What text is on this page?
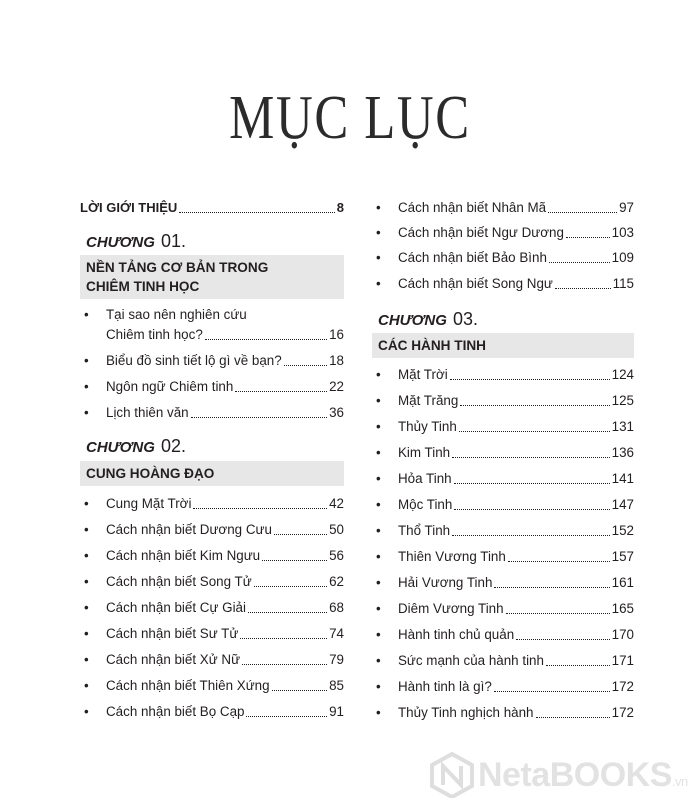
MỤC LỤC
LỜI GIỚI THIỆU	8
CHƯƠNG 01.
NỀN TẢNG CƠ BẢN TRONG
CHIÊM TINH HỌC
• Tại sao nên nghiên cứu
Chiêm tinh học?	16
• Biểu đồ sinh tiết lộ gì về bạn?	18
• Ngôn ngữ Chiêm tinh	22
• Lịch thiên văn	36
CHƯƠNG 02.
CUNG HOÀNG ĐẠO
• Cung Mặt Trời	42
• Cách nhận biết Dương Cưu	50
• Cách nhận biết Kim Ngưu	56
• Cách nhận biết Song Tử	62
• Cách nhận biết Cự Giải	68
• Cách nhận biết Sư Tử	74
• Cách nhận biết Xử Nữ	79
• Cách nhận biết Thiên Xứng	85
• Cách nhận biết Bọ Cạp	91
• Cách nhận biết Nhân Mã	97
• Cách nhận biết Ngư Dương	103
• Cách nhận biết Bảo Bình	109
• Cách nhận biết Song Ngư	115
CHƯƠNG 03.
CÁC HÀNH TINH
• Mặt Trời	124
• Mặt Trăng	125
• Thủy Tinh	131
• Kim Tinh	136
• Hỏa Tinh	141
• Mộc Tinh	147
• Thổ Tinh	152
• Thiên Vương Tinh	157
• Hải Vương Tinh	161
• Diêm Vương Tinh	165
• Hành tinh chủ quản	170
• Sức mạnh của hành tinh	171
• Hành tinh là gì?	172
• Thủy Tinh nghịch hành	172
NetaBOOKS.vn
